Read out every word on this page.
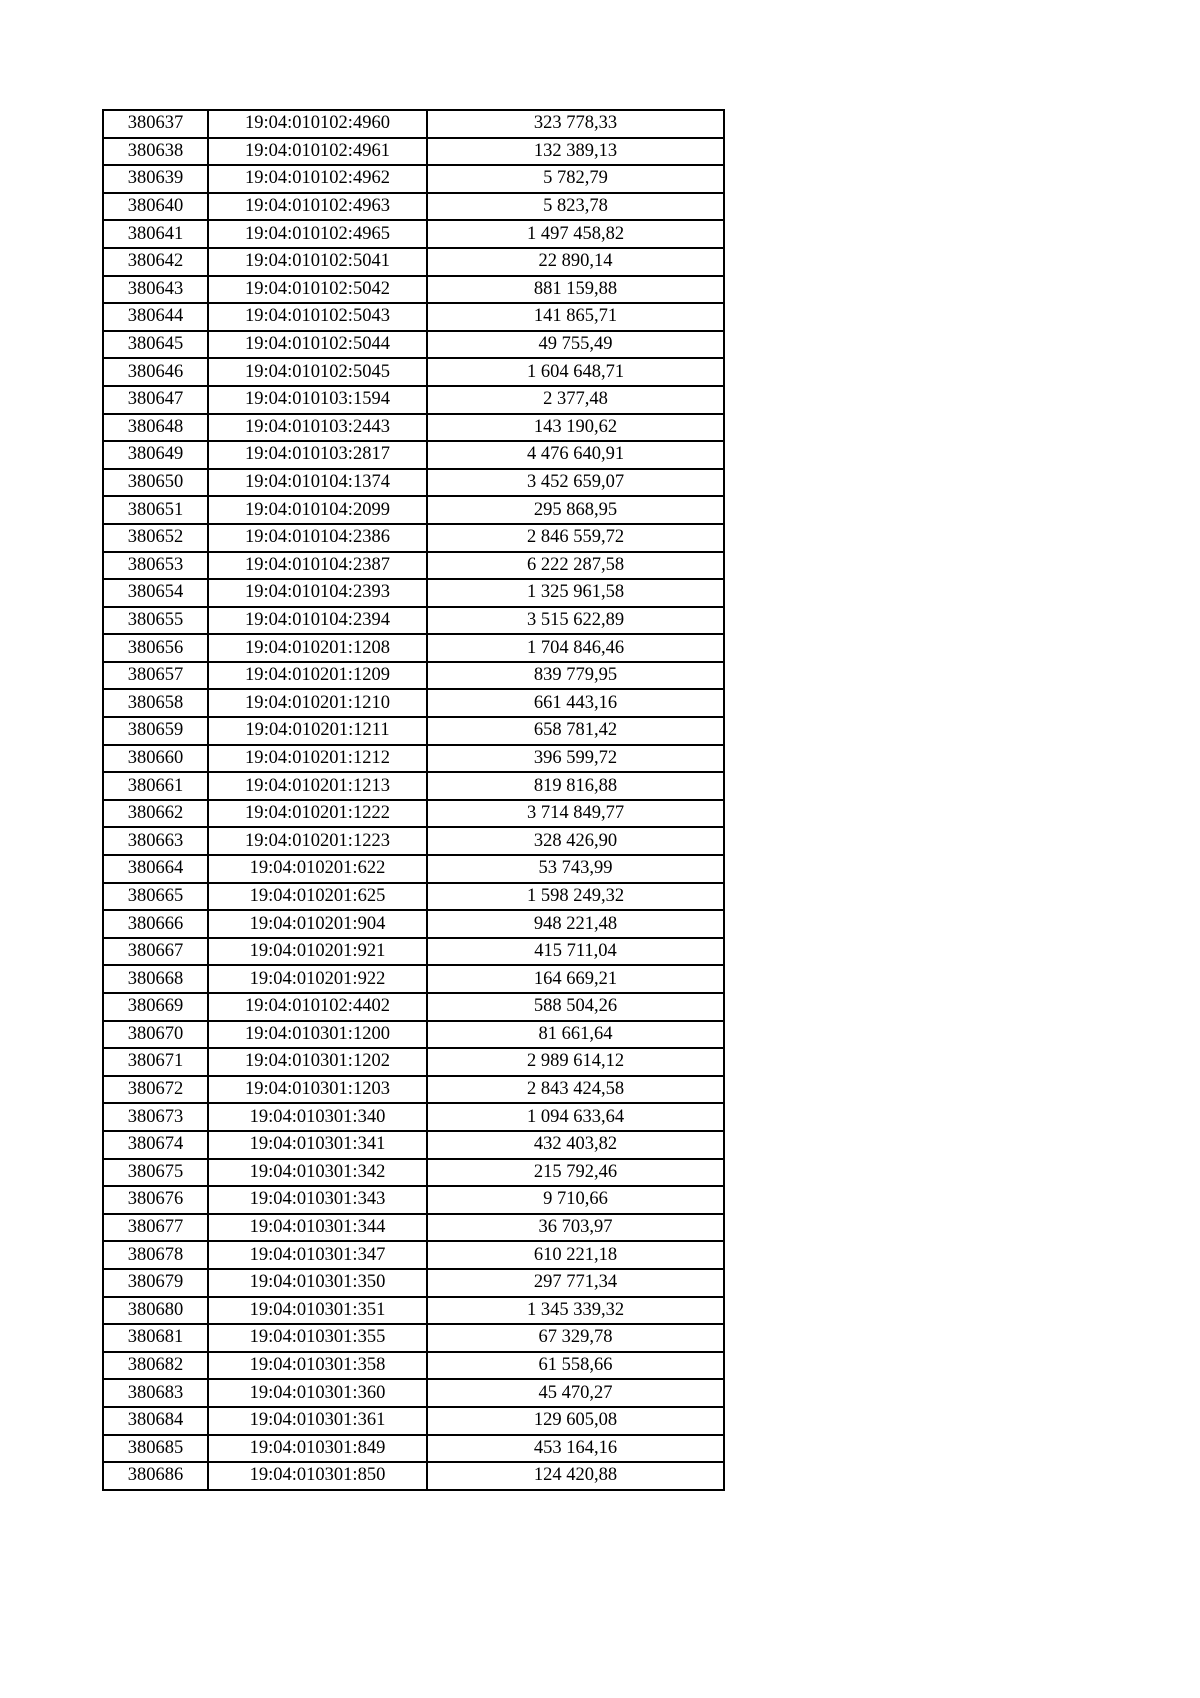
380637	19:04:010102:4960	323 778,33
380638	19:04:010102:4961	132 389,13
380639	19:04:010102:4962	5 782,79
380640	19:04:010102:4963	5 823,78
380641	19:04:010102:4965	1 497 458,82
380642	19:04:010102:5041	22 890,14
380643	19:04:010102:5042	881 159,88
380644	19:04:010102:5043	141 865,71
380645	19:04:010102:5044	49 755,49
380646	19:04:010102:5045	1 604 648,71
380647	19:04:010103:1594	2 377,48
380648	19:04:010103:2443	143 190,62
380649	19:04:010103:2817	4 476 640,91
380650	19:04:010104:1374	3 452 659,07
380651	19:04:010104:2099	295 868,95
380652	19:04:010104:2386	2 846 559,72
380653	19:04:010104:2387	6 222 287,58
380654	19:04:010104:2393	1 325 961,58
380655	19:04:010104:2394	3 515 622,89
380656	19:04:010201:1208	1 704 846,46
380657	19:04:010201:1209	839 779,95
380658	19:04:010201:1210	661 443,16
380659	19:04:010201:1211	658 781,42
380660	19:04:010201:1212	396 599,72
380661	19:04:010201:1213	819 816,88
380662	19:04:010201:1222	3 714 849,77
380663	19:04:010201:1223	328 426,90
380664	19:04:010201:622	53 743,99
380665	19:04:010201:625	1 598 249,32
380666	19:04:010201:904	948 221,48
380667	19:04:010201:921	415 711,04
380668	19:04:010201:922	164 669,21
380669	19:04:010102:4402	588 504,26
380670	19:04:010301:1200	81 661,64
380671	19:04:010301:1202	2 989 614,12
380672	19:04:010301:1203	2 843 424,58
380673	19:04:010301:340	1 094 633,64
380674	19:04:010301:341	432 403,82
380675	19:04:010301:342	215 792,46
380676	19:04:010301:343	9 710,66
380677	19:04:010301:344	36 703,97
380678	19:04:010301:347	610 221,18
380679	19:04:010301:350	297 771,34
380680	19:04:010301:351	1 345 339,32
380681	19:04:010301:355	67 329,78
380682	19:04:010301:358	61 558,66
380683	19:04:010301:360	45 470,27
380684	19:04:010301:361	129 605,08
380685	19:04:010301:849	453 164,16
380686	19:04:010301:850	124 420,88
